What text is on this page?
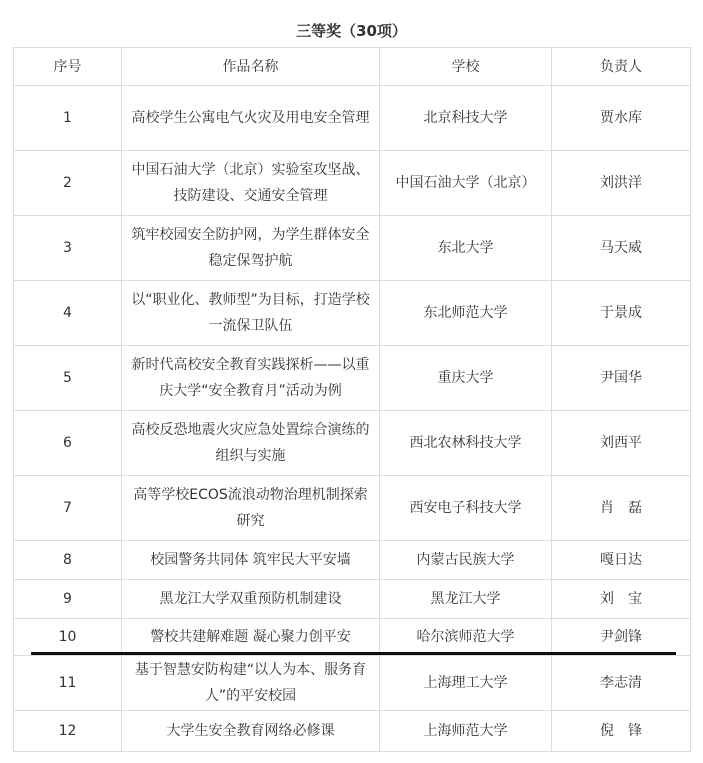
三等奖（30项）
序号	作品名称	学校	负责人
1	高校学生公寓电气火灾及用电安全管理	北京科技大学	贾水库
2	中国石油大学（北京）实验室攻坚战、技防建设、交通安全管理	中国石油大学（北京）	刘洪洋
3	筑牢校园安全防护网，为学生群体安全稳定保驾护航	东北大学	马天威
4	以“职业化、教师型”为目标，打造学校一流保卫队伍	东北师范大学	于景成
5	新时代高校安全教育实践探析——以重庆大学“安全教育月”活动为例	重庆大学	尹国华
6	高校反恐地震火灾应急处置综合演练的组织与实施	西北农林科技大学	刘西平
7	高等学校ECOS流浪动物治理机制探索研究	西安电子科技大学	肖　磊
8	校园警务共同体 筑牢民大平安墙	内蒙古民族大学	嘎日达
9	黑龙江大学双重预防机制建设	黑龙江大学	刘　宝
10	警校共建解难题 凝心聚力创平安	哈尔滨师范大学	尹剑锋
11	基于智慧安防构建“以人为本、服务育人”的平安校园	上海理工大学	李志清
12	大学生安全教育网络必修课	上海师范大学	倪　锋
